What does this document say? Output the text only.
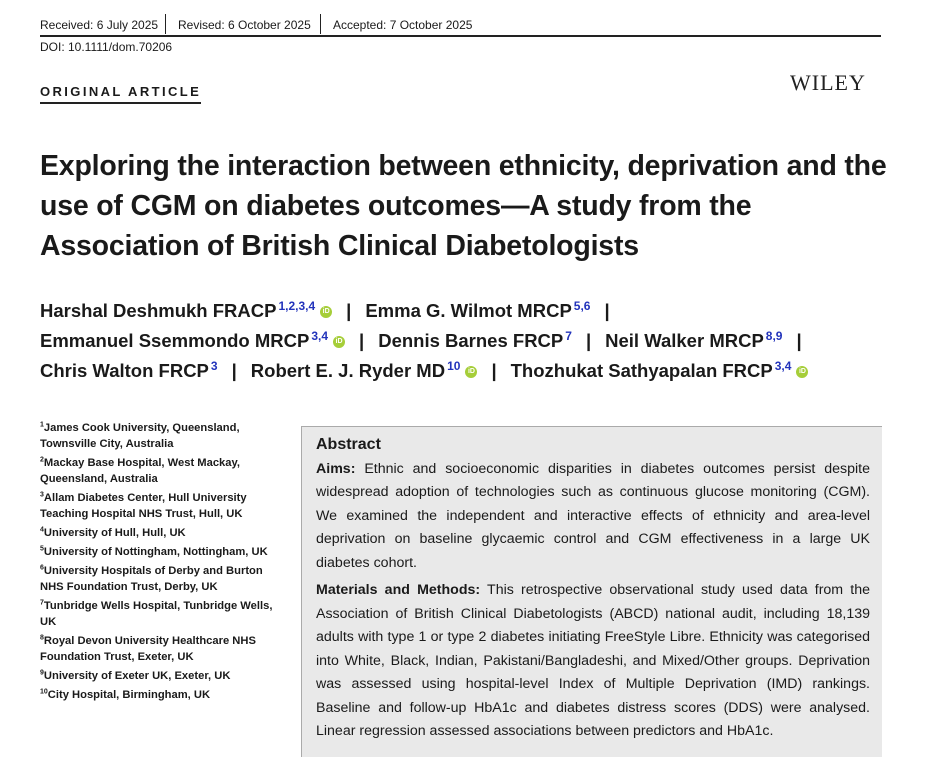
Received: 6 July 2025 Revised: 6 October 2025 Accepted: 7 October 2025
DOI: 10.1111/dom.70206
ORIGINAL ARTICLE	WILEY
Exploring the interaction between ethnicity, deprivation and the use of CGM on diabetes outcomes—A study from the Association of British Clinical Diabetologists
Harshal Deshmukh FRACP $^{1,2,3,4}$ iD | Emma G. Wilmot MRCP $^{5,6}$ |
Emmanuel Ssemmondo MRCP $^{3,4}$ iD | Dennis Barnes FRCP $^7$ | Neil Walker MRCP $^{8,9}$ |
Chris Walton FRCP $^3$ | Robert E. J. Ryder MD $^{10}$ iD | Thozhukat Sathyapalan FRCP $^{3,4}$ iD
$^1$James Cook University, Queensland, Townsville City, Australia
$^2$Mackay Base Hospital, West Mackay, Queensland, Australia
$^3$Allam Diabetes Center, Hull University Teaching Hospital NHS Trust, Hull, UK
$^4$University of Hull, Hull, UK
$^5$University of Nottingham, Nottingham, UK
$^6$University Hospitals of Derby and Burton NHS Foundation Trust, Derby, UK
$^7$Tunbridge Wells Hospital, Tunbridge Wells, UK
$^8$Royal Devon University Healthcare NHS Foundation Trust, Exeter, UK
$^9$University of Exeter UK, Exeter, UK
$^{10}$City Hospital, Birmingham, UK
Abstract

Aims: Ethnic and socioeconomic disparities in diabetes outcomes persist despite widespread adoption of technologies such as continuous glucose monitoring (CGM). We examined the independent and interactive effects of ethnicity and area-level deprivation on baseline glycaemic control and CGM effectiveness in a large UK diabetes cohort.

Materials and Methods: This retrospective observational study used data from the Association of British Clinical Diabetologists (ABCD) national audit, including 18,139 adults with type 1 or type 2 diabetes initiating FreeStyle Libre. Ethnicity was categorised into White, Black, Indian, Pakistani/Bangladeshi, and Mixed/Other groups. Deprivation was assessed using hospital-level Index of Multiple Deprivation (IMD) rankings. Baseline and follow-up HbA1c and diabetes distress scores (DDS) were analysed. Linear regression assessed associations between predictors and HbA1c.
